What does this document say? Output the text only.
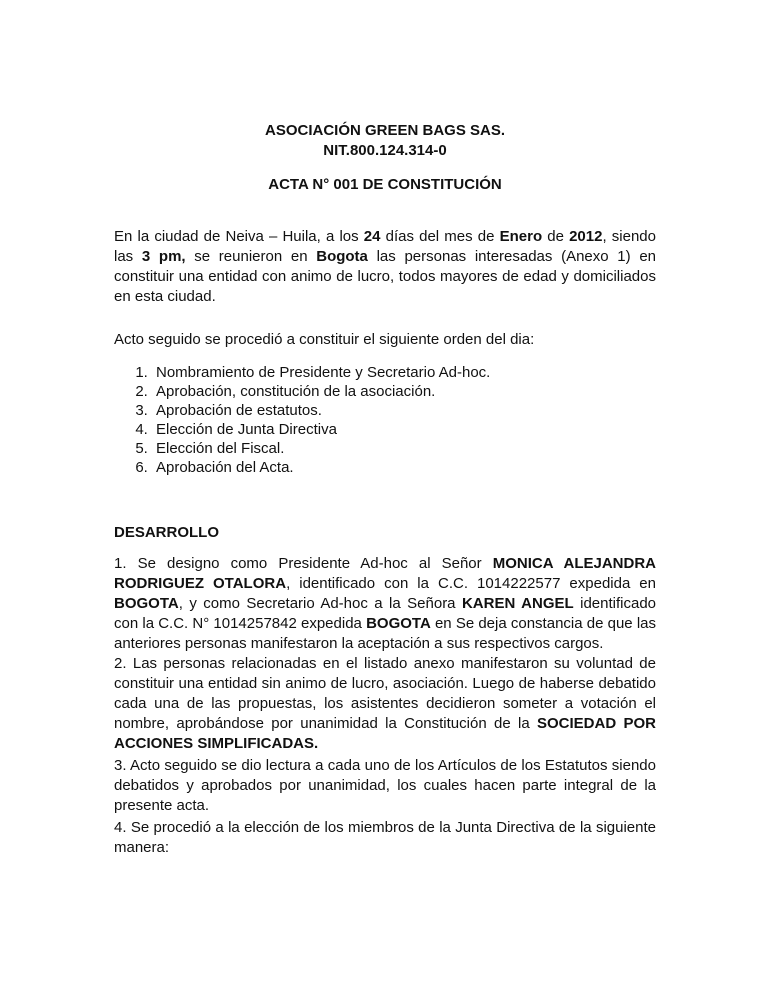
ASOCIACIÓN GREEN BAGS SAS.
NIT.800.124.314-0
ACTA N° 001 DE CONSTITUCIÓN

En la ciudad de Neiva – Huila, a los 24 días del mes de Enero de 2012, siendo las 3 pm, se reunieron en Bogota las personas interesadas (Anexo 1) en constituir una entidad con animo de lucro, todos mayores de edad y domiciliados en esta ciudad.

Acto seguido se procedió a constituir el siguiente orden del dia:

1. Nombramiento de Presidente y Secretario Ad-hoc.
2. Aprobación, constitución de la asociación.
3. Aprobación de estatutos.
4. Elección de Junta Directiva
5. Elección del Fiscal.
6. Aprobación del Acta.
DESARROLLO

1. Se designo como Presidente Ad-hoc al Señor MONICA ALEJANDRA RODRIGUEZ OTALORA, identificado con la C.C. 1014222577 expedida en BOGOTA, y como Secretario Ad-hoc a la Señora KAREN ANGEL identificado con la C.C. N° 1014257842 expedida BOGOTA en Se deja constancia de que las anteriores personas manifestaron la aceptación a sus respectivos cargos.

2. Las personas relacionadas en el listado anexo manifestaron su voluntad de constituir una entidad sin animo de lucro, asociación. Luego de haberse debatido cada una de las propuestas, los asistentes decidieron someter a votación el nombre, aprobándose por unanimidad la Constitución de la SOCIEDAD POR ACCIONES SIMPLIFICADAS.

3. Acto seguido se dio lectura a cada uno de los Artículos de los Estatutos siendo debatidos y aprobados por unanimidad, los cuales hacen parte integral de la presente acta.

4. Se procedió a la elección de los miembros de la Junta Directiva de la siguiente manera:
